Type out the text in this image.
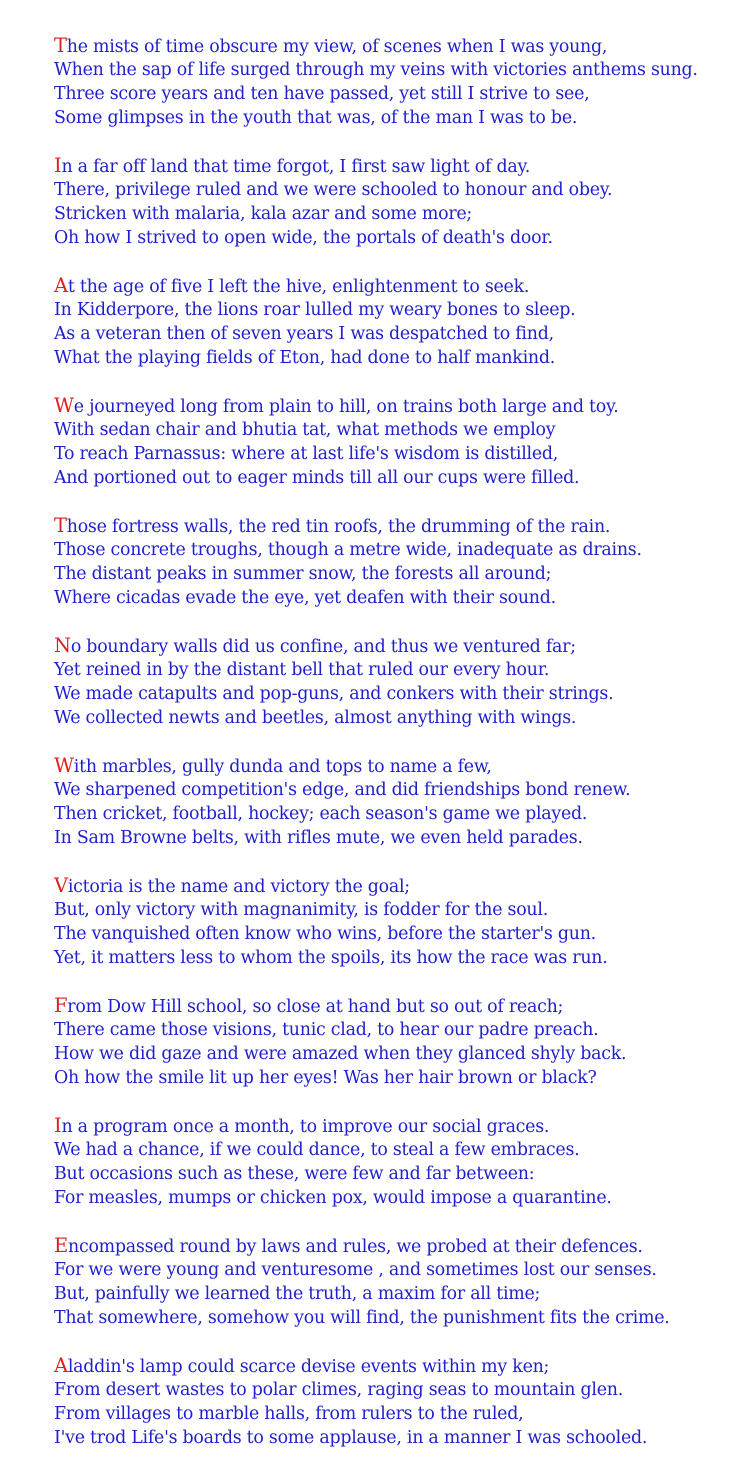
The mists of time obscure my view, of scenes when I was young,
When the sap of life surged through my veins with victories anthems sung.
Three score years and ten have passed, yet still I strive to see,
Some glimpses in the youth that was, of the man I was to be.
In a far off land that time forgot, I first saw light of day.
There, privilege ruled and we were schooled to honour and obey.
Stricken with malaria, kala azar and some more;
Oh how I strived to open wide, the portals of death's door.
At the age of five I left the hive, enlightenment to seek.
In Kidderpore, the lions roar lulled my weary bones to sleep.
As a veteran then of seven years I was despatched to find,
What the playing fields of Eton, had done to half mankind.
We journeyed long from plain to hill, on trains both large and toy.
With sedan chair and bhutia tat, what methods we employ
To reach Parnassus: where at last life's wisdom is distilled,
And portioned out to eager minds till all our cups were filled.
Those fortress walls, the red tin roofs, the drumming of the rain.
Those concrete troughs, though a metre wide, inadequate as drains.
The distant peaks in summer snow, the forests all around;
Where cicadas evade the eye, yet deafen with their sound.
No boundary walls did us confine, and thus we ventured far;
Yet reined in by the distant bell that ruled our every hour.
We made catapults and pop-guns, and conkers with their strings.
We collected newts and beetles, almost anything with wings.
With marbles, gully dunda and tops to name a few,
We sharpened competition's edge, and did friendships bond renew.
Then cricket, football, hockey; each season's game we played.
In Sam Browne belts, with rifles mute, we even held parades.
Victoria is the name and victory the goal;
But, only victory with magnanimity, is fodder for the soul.
The vanquished often know who wins, before the starter's gun.
Yet, it matters less to whom the spoils, its how the race was run.
From Dow Hill school, so close at hand but so out of reach;
There came those visions, tunic clad, to hear our padre preach.
How we did gaze and were amazed when they glanced shyly back.
Oh how the smile lit up her eyes! Was her hair brown or black?
In a program once a month, to improve our social graces.
We had a chance, if we could dance, to steal a few embraces.
But occasions such as these, were few and far between:
For measles, mumps or chicken pox, would impose a quarantine.
Encompassed round by laws and rules, we probed at their defences.
For we were young and venturesome , and sometimes lost our senses.
But, painfully we learned the truth, a maxim for all time;
That somewhere, somehow you will find, the punishment fits the crime.
Aladdin's lamp could scarce devise events within my ken;
From desert wastes to polar climes, raging seas to mountain glen.
From villages to marble halls, from rulers to the ruled,
I've trod Life's boards to some applause, in a manner I was schooled.
